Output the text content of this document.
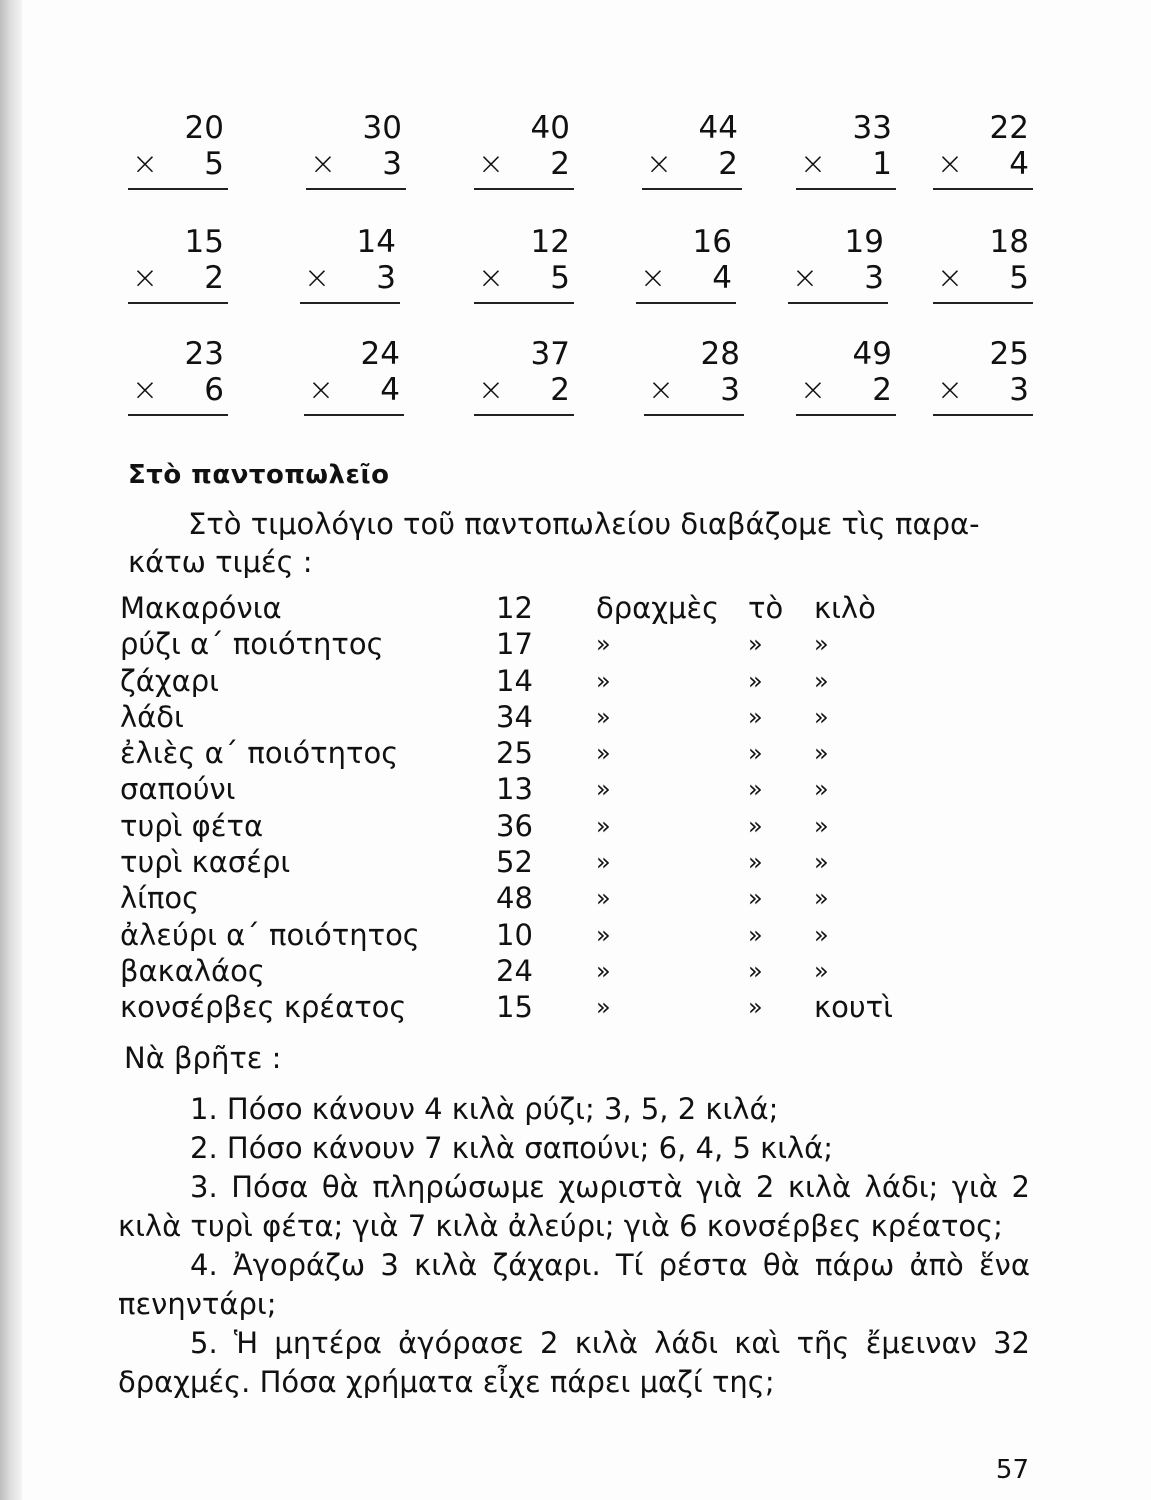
20
× 5
30
× 3
40
× 2
44
× 2
33
× 1
22
× 4
15
× 2
14
× 3
12
× 5
16
× 4
19
× 3
18
× 5
23
× 6
24
× 4
37
× 2
28
× 3
49
× 2
25
× 3
Στὸ παντοπωλεῖο
Στὸ τιμολόγιο τοῦ παντοπωλείου διαβάζομε τὶς παρα-
κάτω τιμές :
Μακαρόνια	12 δραχμὲς τὸ κιλὸ
ρύζι α΄ ποιότητος	17	»	» »
ζάχαρι	14	»	» »
λάδι	34	»	» »
ἐλιὲς α΄ ποιότητος	25	»	» »
σαπούνι	13	»	» »
τυρὶ φέτα	36	»	» »
τυρὶ κασέρι	52	»	» »
λίπος	48	»	» »
ἀλεύρι α΄ ποιότητος	10	»	» »
βακαλάος	24	»	» »
κονσέρβες κρέατος	15	»	» κουτὶ
Νὰ βρῆτε :

1. Πόσο κάνουν 4 κιλὰ ρύζι; 3, 5, 2 κιλά;

2. Πόσο κάνουν 7 κιλὰ σαπούνι; 6, 4, 5 κιλά;

3. Πόσα θὰ πληρώσωμε χωριστὰ γιὰ 2 κιλὰ λάδι; γιὰ 2 κιλὰ τυρὶ φέτα; γιὰ 7 κιλὰ ἀλεύρι; γιὰ 6 κονσέρβες κρέατος;

4. Ἀγοράζω 3 κιλὰ ζάχαρι. Τί ρέστα θὰ πάρω ἀπὸ ἕνα πενηντάρι;

5. Ἡ μητέρα ἀγόρασε 2 κιλὰ λάδι καὶ τῆς ἔμειναν 32 δραχμές. Πόσα χρήματα εἶχε πάρει μαζί της;

57
